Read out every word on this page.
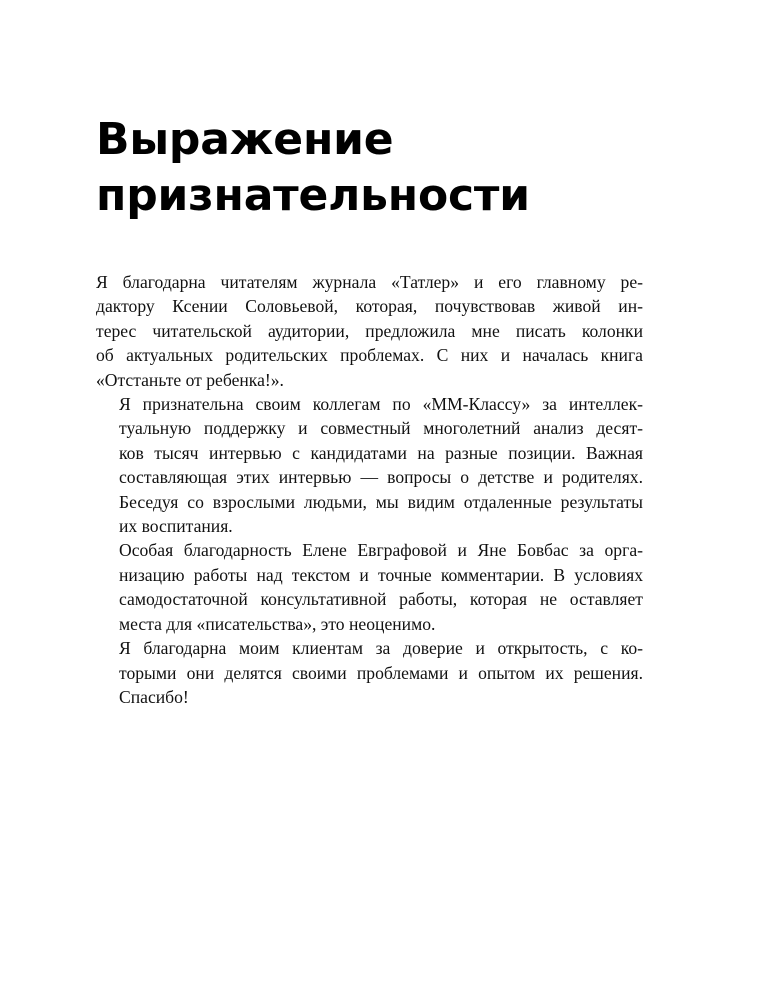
Выражение
признательности

Я благодарна читателям журнала «Татлер» и его главному ре-
дактору Ксении Соловьевой, которая, почувствовав живой ин-
терес читательской аудитории, предложила мне писать колонки
об актуальных родительских проблемах. С них и началась книга
«Отстаньте от ребенка!».

Я признательна своим коллегам по «ММ-Классу» за интеллек-
туальную поддержку и совместный многолетний анализ десят-
ков тысяч интервью с кандидатами на разные позиции. Важная
составляющая этих интервью — вопросы о детстве и родителях.
Беседуя со взрослыми людьми, мы видим отдаленные результаты
их воспитания.

Особая благодарность Елене Евграфовой и Яне Бовбас за орга-
низацию работы над текстом и точные комментарии. В условиях
самодостаточной консультативной работы, которая не оставляет
места для «писательства», это неоценимо.

Я благодарна моим клиентам за доверие и открытость, с ко-
торыми они делятся своими проблемами и опытом их решения.
Спасибо!
